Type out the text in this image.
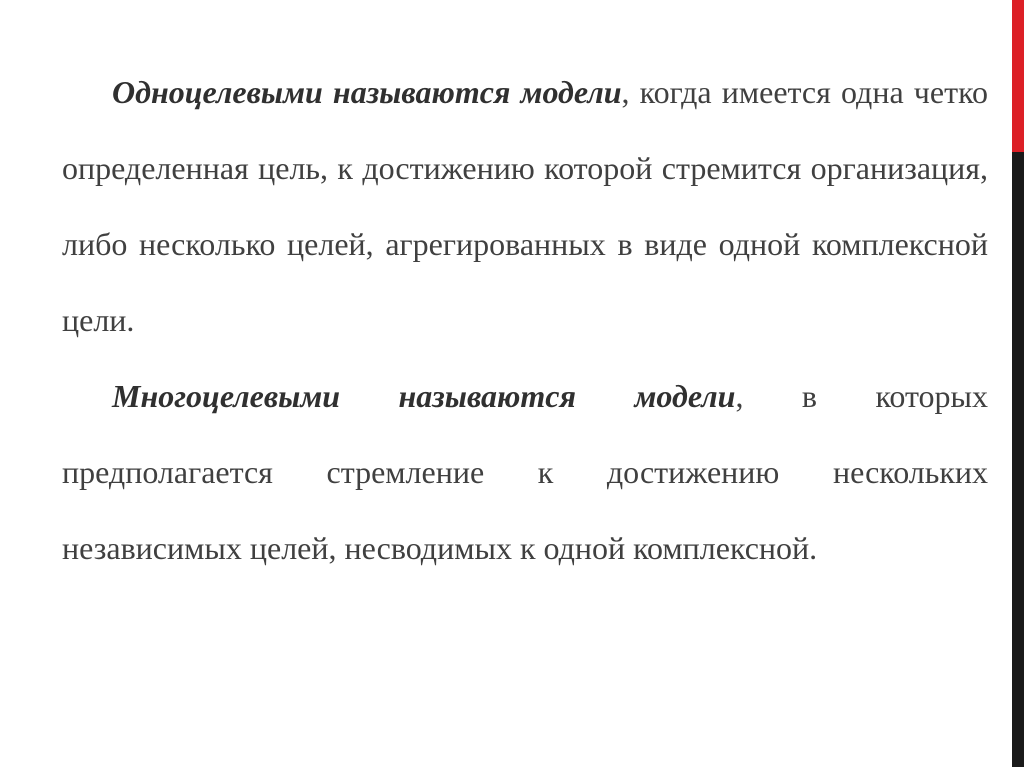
Одноцелевыми называются модели, когда имеется одна четко определенная цель, к достижению которой стремится организация, либо несколько целей, агрегированных в виде одной комплексной цели.

Многоцелевыми называются модели, в которых предполагается стремление к достижению нескольких независимых целей, несводимых к одной комплексной.
